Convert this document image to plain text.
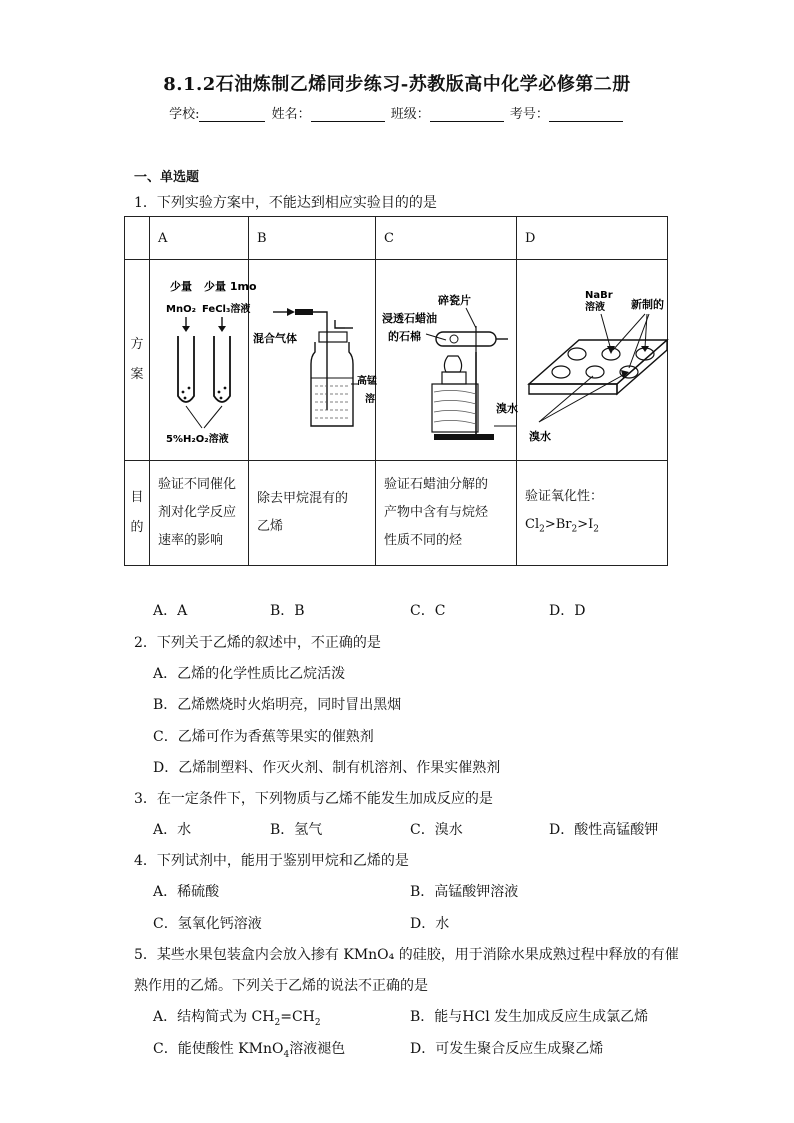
8.1.2石油炼制乙烯同步练习-苏教版高中化学必修第二册
学校:	姓名：	班级：	考号：
一、单选题
1．下列实验方案中，不能达到相应实验目的的是
	A	B	C	D
方
案	少量
MnO₂
少量 1mo
FeCl₃溶液
5%H₂O₂溶液	混合气体
高锰
溶	碎瓷片
浸透石蜡油
的石棉
溴水	NaBr
溶液 新制的
溴水

目
的	验证不同催化
剂对化学反应
速率的影响	除去甲烷混有的
乙烯	验证石蜡油分解的
产物中含有与烷烃
性质不同的烃	验证氧化性：
$Cl_2>Br_2>I_2$
A．A	B．B	C．C	D．D
2．下列关于乙烯的叙述中，不正确的是
A．乙烯的化学性质比乙烷活泼
B．乙烯燃烧时火焰明亮，同时冒出黑烟
C．乙烯可作为香蕉等果实的催熟剂
D．乙烯制塑料、作灭火剂、制有机溶剂、作果实催熟剂
3．在一定条件下，下列物质与乙烯不能发生加成反应的是
A．水	B．氢气	C．溴水	D．酸性高锰酸钾
4．下列试剂中，能用于鉴别甲烷和乙烯的是
A．稀硫酸	B．高锰酸钾溶液
C．氢氧化钙溶液	D．水
5．某些水果包装盒内会放入掺有 KMnO₄ 的硅胶，用于消除水果成熟过程中释放的有催
熟作用的乙烯。下列关于乙烯的说法不正确的是
A．结构简式为 $CH_2=CH_2$	B．能与HCl 发生加成反应生成氯乙烯
C．能使酸性 KMnO$_4$溶液褪色	D．可发生聚合反应生成聚乙烯
